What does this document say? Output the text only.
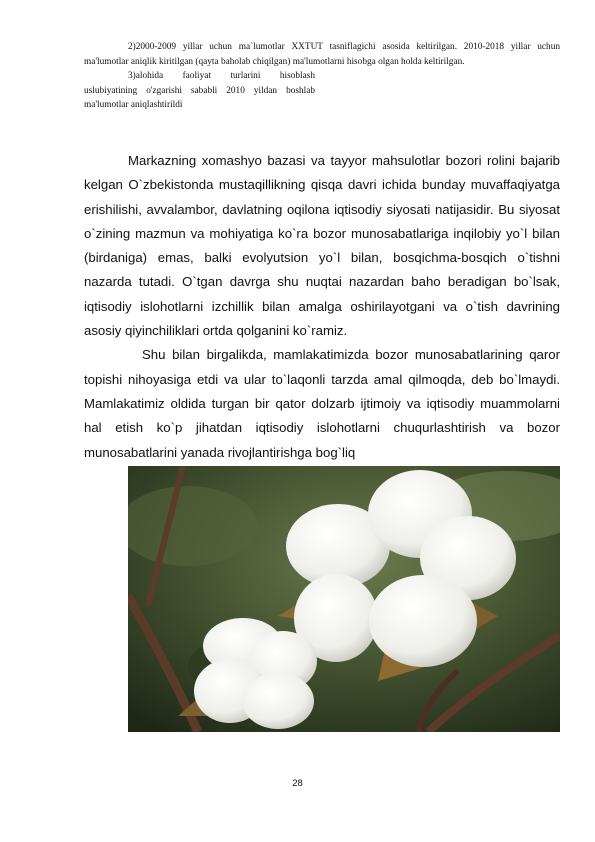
2)2000-2009 yillar uchun ma`lumotlar XXTUT tasniflagichi asosida keltirilgan. 2010-2018 yillar uchun ma'lumotlar aniqlik kiritilgan (qayta baholab chiqilgan) ma'lumotlarni hisobga olgan holda keltirilgan.

3)alohida faoliyat turlarini hisoblash uslubiyatining o'zgarishi sababli 2010 yildan boshlab ma'lumotlar aniqlashtirildi

Markazning xomashyo bazasi va tayyor mahsulotlar bozori rolini bajarib kelgan O`zbekistonda mustaqillikning qisqa davri ichida bunday muvaffaqiyatga erishilishi, avvalambor, davlatning oqilona iqtisodiy siyosati natijasidir. Bu siyosat o`zining mazmun va mohiyatiga ko`ra bozor munosabatlariga inqilobiy yo`l bilan (birdaniga) emas, balki evolyutsion yo`l bilan, bosqichma-bosqich o`tishni nazarda tutadi. O`tgan davrga shu nuqtai nazardan baho beradigan bo`lsak, iqtisodiy islohotlarni izchillik bilan amalga oshirilayotgani va o`tish davrining asosiy qiyinchiliklari ortda qolganini ko`ramiz.

Shu bilan birgalikda, mamlakatimizda bozor munosabatlarining qaror topishi nihoyasiga etdi va ular to`laqonli tarzda amal qilmoqda, deb bo`lmaydi. Mamlakatimiz oldida turgan bir qator dolzarb ijtimoiy va iqtisodiy muammolarni hal etish ko`p jihatdan iqtisodiy islohotlarni chuqurlashtirish va bozor munosabatlarini yanada rivojlantirishga bog`liq

28
